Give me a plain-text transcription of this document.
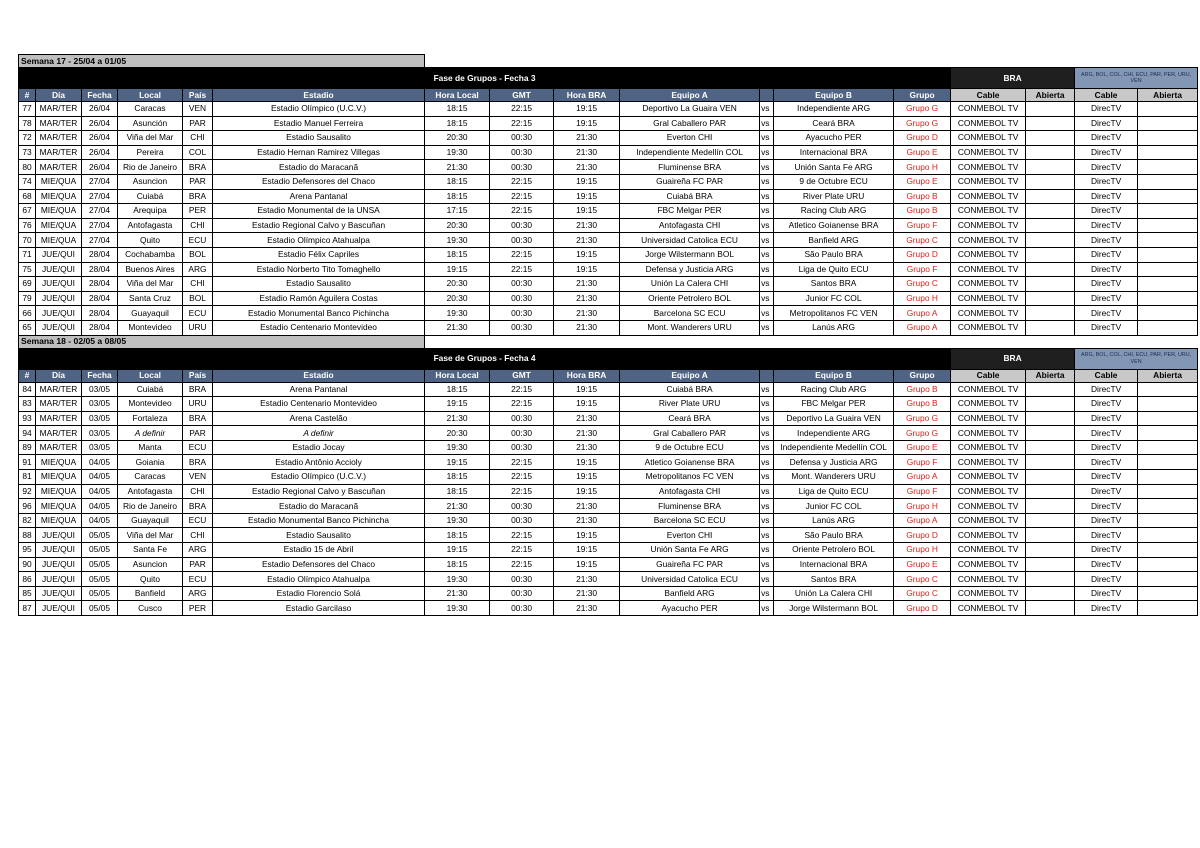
Semana 17 - 25/04 a 01/05																
Fase de Grupos - Fecha 3													BRA		ARG, BOL, COL, CHI, ECU, PAR, PER, URU, VEN	
#	Día	Fecha	Local	País	Estadio	Hora Local	GMT	Hora BRA	Equipo A		Equipo B	Grupo	Cable	Abierta	Cable	Abierta
77	MAR/TER	26/04	Caracas	VEN	Estadio Olímpico (U.C.V.)	18:15	22:15	19:15	Deportivo La Guaira VEN	vs	Independiente ARG	Grupo G	CONMEBOL TV		DirecTV	
78	MAR/TER	26/04	Asunción	PAR	Estadio Manuel Ferreira	18:15	22:15	19:15	Gral Caballero PAR	vs	Ceará BRA	Grupo G	CONMEBOL TV		DirecTV	
72	MAR/TER	26/04	Viña del Mar	CHI	Estadio Sausalito	20:30	00:30	21:30	Everton CHI	vs	Ayacucho PER	Grupo D	CONMEBOL TV		DirecTV	
73	MAR/TER	26/04	Pereira	COL	Estadio Hernan Ramirez Villegas	19:30	00:30	21:30	Independiente Medellín COL	vs	Internacional BRA	Grupo E	CONMEBOL TV		DirecTV	
80	MAR/TER	26/04	Rio de Janeiro	BRA	Estadio do Maracanã	21:30	00:30	21:30	Fluminense BRA	vs	Unión Santa Fe ARG	Grupo H	CONMEBOL TV		DirecTV	
74	MIE/QUA	27/04	Asuncion	PAR	Estadio Defensores del Chaco	18:15	22:15	19:15	Guaireña FC PAR	vs	9 de Octubre ECU	Grupo E	CONMEBOL TV		DirecTV	
68	MIE/QUA	27/04	Cuiabá	BRA	Arena Pantanal	18:15	22:15	19:15	Cuiabá BRA	vs	River Plate URU	Grupo B	CONMEBOL TV		DirecTV	
67	MIE/QUA	27/04	Arequipa	PER	Estadio Monumental de la UNSA	17:15	22:15	19:15	FBC Melgar PER	vs	Racing Club ARG	Grupo B	CONMEBOL TV		DirecTV	
76	MIE/QUA	27/04	Antofagasta	CHI	Estadio Regional Calvo y Bascuñan	20:30	00:30	21:30	Antofagasta CHI	vs	Atletico Goianense BRA	Grupo F	CONMEBOL TV		DirecTV	
70	MIE/QUA	27/04	Quito	ECU	Estadio Olímpico Atahualpa	19:30	00:30	21:30	Universidad Catolica ECU	vs	Banfield ARG	Grupo C	CONMEBOL TV		DirecTV	
71	JUE/QUI	28/04	Cochabamba	BOL	Estadio Félix Capriles	18:15	22:15	19:15	Jorge Wilstermann BOL	vs	São Paulo BRA	Grupo D	CONMEBOL TV		DirecTV	
75	JUE/QUI	28/04	Buenos Aires	ARG	Estadio Norberto Tito Tomaghello	19:15	22:15	19:15	Defensa y Justicia ARG	vs	Liga de Quito ECU	Grupo F	CONMEBOL TV		DirecTV	
69	JUE/QUI	28/04	Viña del Mar	CHI	Estadio Sausalito	20:30	00:30	21:30	Unión La Calera CHI	vs	Santos BRA	Grupo C	CONMEBOL TV		DirecTV	
79	JUE/QUI	28/04	Santa Cruz	BOL	Estadio Ramón Aguilera Costas	20:30	00:30	21:30	Oriente Petrolero BOL	vs	Junior FC COL	Grupo H	CONMEBOL TV		DirecTV	
66	JUE/QUI	28/04	Guayaquil	ECU	Estadio Monumental Banco Pichincha	19:30	00:30	21:30	Barcelona SC ECU	vs	Metropolitanos FC VEN	Grupo A	CONMEBOL TV		DirecTV	
65	JUE/QUI	28/04	Montevideo	URU	Estadio Centenario Montevideo	21:30	00:30	21:30	Mont. Wanderers URU	vs	Lanús ARG	Grupo A	CONMEBOL TV		DirecTV	
Semana 18 - 02/05 a 08/05																
Fase de Grupos - Fecha 4													BRA		ARG, BOL, COL, CHI, ECU, PAR, PER, URU, VEN	
#	Día	Fecha	Local	País	Estadio	Hora Local	GMT	Hora BRA	Equipo A		Equipo B	Grupo	Cable	Abierta	Cable	Abierta
84	MAR/TER	03/05	Cuiabá	BRA	Arena Pantanal	18:15	22:15	19:15	Cuiabá BRA	vs	Racing Club ARG	Grupo B	CONMEBOL TV		DirecTV	
83	MAR/TER	03/05	Montevideo	URU	Estadio Centenario Montevideo	19:15	22:15	19:15	River Plate URU	vs	FBC Melgar PER	Grupo B	CONMEBOL TV		DirecTV	
93	MAR/TER	03/05	Fortaleza	BRA	Arena Castelão	21:30	00:30	21:30	Ceará BRA	vs	Deportivo La Guaira VEN	Grupo G	CONMEBOL TV		DirecTV	
94	MAR/TER	03/05	A definir	PAR	A definir	20:30	00:30	21:30	Gral Caballero PAR	vs	Independiente ARG	Grupo G	CONMEBOL TV		DirecTV	
89	MAR/TER	03/05	Manta	ECU	Estadio Jocay	19:30	00:30	21:30	9 de Octubre ECU	vs	Independiente Medellín COL	Grupo E	CONMEBOL TV		DirecTV	
91	MIE/QUA	04/05	Goiania	BRA	Estadio Antônio Accioly	19:15	22:15	19:15	Atletico Goianense BRA	vs	Defensa y Justicia ARG	Grupo F	CONMEBOL TV		DirecTV	
81	MIE/QUA	04/05	Caracas	VEN	Estadio Olímpico (U.C.V.)	18:15	22:15	19:15	Metropolitanos FC VEN	vs	Mont. Wanderers URU	Grupo A	CONMEBOL TV		DirecTV	
92	MIE/QUA	04/05	Antofagasta	CHI	Estadio Regional Calvo y Bascuñan	18:15	22:15	19:15	Antofagasta CHI	vs	Liga de Quito ECU	Grupo F	CONMEBOL TV		DirecTV	
96	MIE/QUA	04/05	Rio de Janeiro	BRA	Estadio do Maracanã	21:30	00:30	21:30	Fluminense BRA	vs	Junior FC COL	Grupo H	CONMEBOL TV		DirecTV	
82	MIE/QUA	04/05	Guayaquil	ECU	Estadio Monumental Banco Pichincha	19:30	00:30	21:30	Barcelona SC ECU	vs	Lanús ARG	Grupo A	CONMEBOL TV		DirecTV	
88	JUE/QUI	05/05	Viña del Mar	CHI	Estadio Sausalito	18:15	22:15	19:15	Everton CHI	vs	São Paulo BRA	Grupo D	CONMEBOL TV		DirecTV	
95	JUE/QUI	05/05	Santa Fe	ARG	Estadio 15 de Abril	19:15	22:15	19:15	Unión Santa Fe ARG	vs	Oriente Petrolero BOL	Grupo H	CONMEBOL TV		DirecTV	
90	JUE/QUI	05/05	Asuncion	PAR	Estadio Defensores del Chaco	18:15	22:15	19:15	Guaireña FC PAR	vs	Internacional BRA	Grupo E	CONMEBOL TV		DirecTV	
86	JUE/QUI	05/05	Quito	ECU	Estadio Olímpico Atahualpa	19:30	00:30	21:30	Universidad Catolica ECU	vs	Santos BRA	Grupo C	CONMEBOL TV		DirecTV	
85	JUE/QUI	05/05	Banfield	ARG	Estadio Florencio Solá	21:30	00:30	21:30	Banfield ARG	vs	Unión La Calera CHI	Grupo C	CONMEBOL TV		DirecTV	
87	JUE/QUI	05/05	Cusco	PER	Estadio Garcilaso	19:30	00:30	21:30	Ayacucho PER	vs	Jorge Wilstermann BOL	Grupo D	CONMEBOL TV		DirecTV	
